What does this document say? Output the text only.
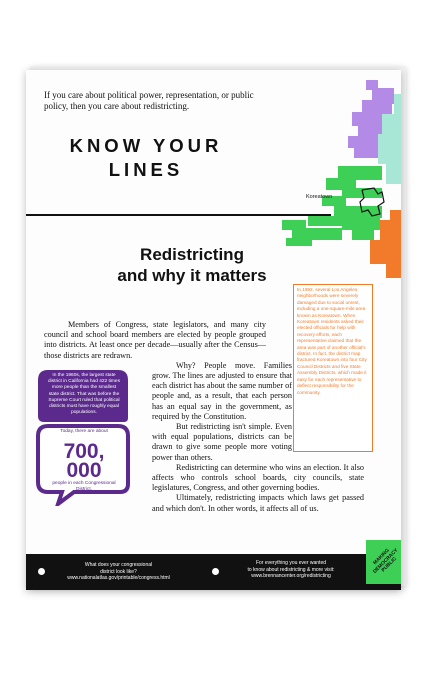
If you care about political power, representation, or public policy, then you care about redistricting.
KNOW YOUR
LINES
Koreatown
Redistricting
and why it matters
In 1992, several Los Angeles neighborhoods were severely damaged due to social unrest, including a one-square-mile area known as Koreatown. When Koreatown residents asked their elected officials for help with recovery efforts, each representative claimed that the area was part of another official's district. In fact, the district map fractured Koreatown into four City Council Districts and five State Assembly Districts, which made it easy for each representative to deflect responsibility for the community.

Members of Congress, state legislators, and many city council and school board members are elected by people grouped into districts. At least once per decade—usually after the Census—those districts are redrawn.

Why? People move. Families grow. The lines are adjusted to ensure that each district has about the same number of people and, as a result, that each person has an equal say in the government, as required by the Constitution.

But redistricting isn't simple. Even with equal populations, districts can be drawn to give some people more voting power than others.

Redistricting can determine who wins an election. It also affects who controls school boards, city councils, state legislatures, Congress, and other governing bodies.

Ultimately, redistricting impacts which laws get passed and which don't. In other words, it affects all of us.

In the 1960s, the largest state district in California had 422 times more people than the smallest state district. That was before the Supreme Court ruled that political districts must have roughly equal populations.
Today, there are about
700,
000
people in each Congressional District.
What does your congressional
district look like?
www.nationalatlas.gov/printable/congress.html
For everything you ever wanted
to know about redistricting & more visit:
www.brennancenter.org/redistricting
MAKING DEMOCRACY PUBLIC
